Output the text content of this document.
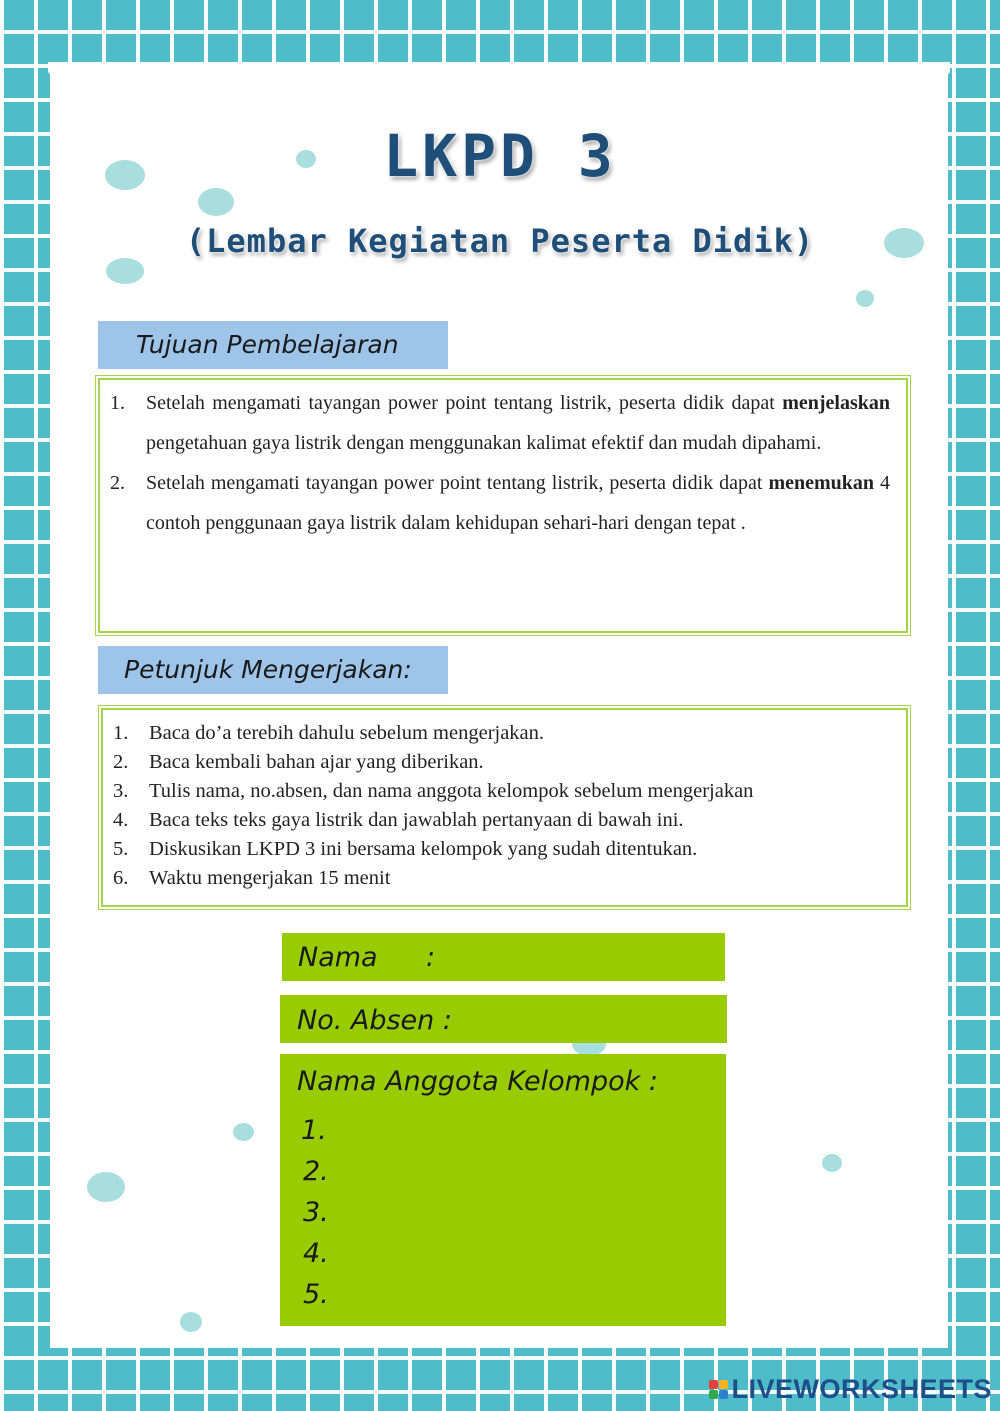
LKPD 3
(Lembar Kegiatan Peserta Didik)
Tujuan Pembelajaran
1.	Setelah mengamati tayangan power point tentang listrik, peserta didik dapat menjelaskan pengetahuan gaya listrik dengan menggunakan kalimat efektif dan mudah dipahami.
2.	Setelah mengamati tayangan power point tentang listrik, peserta didik dapat menemukan 4 contoh penggunaan gaya listrik dalam kehidupan sehari-hari dengan tepat .
Petunjuk Mengerjakan:
1.	Baca do’a terebih dahulu sebelum mengerjakan.
2.	Baca kembali bahan ajar yang diberikan.
3.	Tulis nama, no.absen, dan nama anggota kelompok sebelum mengerjakan
4.	Baca teks teks gaya listrik dan jawablah pertanyaan di bawah ini.
5.	Diskusikan LKPD 3 ini bersama kelompok yang sudah ditentukan.
6.	Waktu mengerjakan 15 menit
Nama :
No. Absen :
Nama Anggota Kelompok :
1.
2.
3.
4.
5.
LIVEWORKSHEETS
